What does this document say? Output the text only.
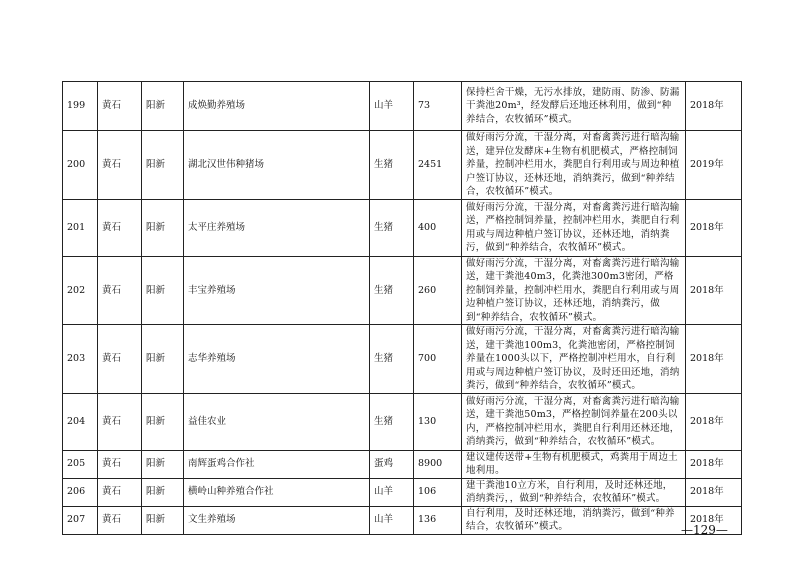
199	黄石	阳新	成焕勤养殖场	山羊	73	保持栏舍干燥，无污水排放，建防雨、防渗、防漏干粪池20m³，经发酵后还地还林利用，做到“种养结合，农牧循环”模式。	2018年
200	黄石	阳新	湖北汉世伟种猪场	生猪	2451	做好雨污分流，干湿分离，对畜禽粪污进行暗沟输送，建异位发酵床+生物有机肥模式，严格控制饲养量，控制冲栏用水，粪肥自行利用或与周边种植户签订协议，还林还地，消纳粪污，做到“种养结合，农牧循环”模式。	2019年
201	黄石	阳新	太平庄养殖场	生猪	400	做好雨污分流，干湿分离，对畜禽粪污进行暗沟输送，严格控制饲养量，控制冲栏用水，粪肥自行利用或与周边种植户签订协议，还林还地，消纳粪污，做到“种养结合，农牧循环”模式。	2018年
202	黄石	阳新	丰宝养殖场	生猪	260	做好雨污分流，干湿分离，对畜禽粪污进行暗沟输送，建干粪池40m3，化粪池300m3密闭，严格控制饲养量，控制冲栏用水，粪肥自行利用或与周边种植户签订协议，还林还地，消纳粪污，做到“种养结合，农牧循环”模式。	2018年
203	黄石	阳新	志华养殖场	生猪	700	做好雨污分流，干湿分离，对畜禽粪污进行暗沟输送，建干粪池100m3，化粪池密闭，严格控制饲养量在1000头以下，严格控制冲栏用水，自行利用或与周边种植户签订协议，及时还田还地，消纳粪污，做到“种养结合，农牧循环”模式。	2018年
204	黄石	阳新	益佳农业	生猪	130	做好雨污分流，干湿分离，对畜禽粪污进行暗沟输送，建干粪池50m3，严格控制饲养量在200头以内，严格控制冲栏用水，粪肥自行利用还林还地，消纳粪污，做到“种养结合，农牧循环”模式。	2018年
205	黄石	阳新	南辉蛋鸡合作社	蛋鸡	8900	建议建传送带+生物有机肥模式，鸡粪用于周边土地利用。	2018年
206	黄石	阳新	横岭山种养殖合作社	山羊	106	建干粪池10立方米，自行利用，及时还林还地，消纳粪污，，做到“种养结合，农牧循环”模式。	2018年
207	黄石	阳新	文生养殖场	山羊	136	自行利用，及时还林还地，消纳粪污，做到“种养结合，农牧循环”模式。	2018年
—129—
